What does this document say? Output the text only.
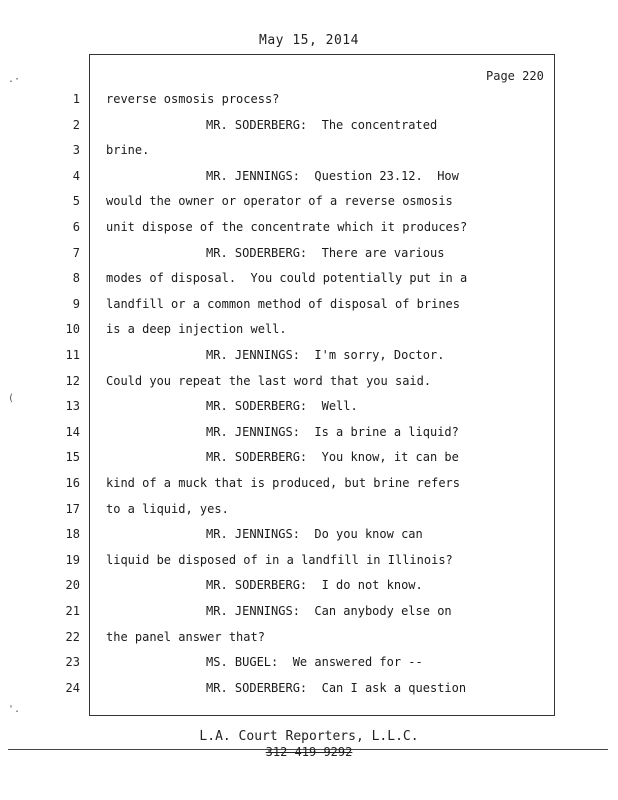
May 15, 2014
Page 220
1 reverse osmosis process?
2	MR. SODERBERG:  The concentrated
3 brine.
4	MR. JENNINGS:  Question 23.12.  How
5 would the owner or operator of a reverse osmosis
6 unit dispose of the concentrate which it produces?
7	MR. SODERBERG:  There are various
8 modes of disposal.  You could potentially put in a
9 landfill or a common method of disposal of brines
10 is a deep injection well.
11	MR. JENNINGS:  I'm sorry, Doctor.
12 Could you repeat the last word that you said.
13	MR. SODERBERG:  Well.
14	MR. JENNINGS:  Is a brine a liquid?
15	MR. SODERBERG:  You know, it can be
16 kind of a muck that is produced, but brine refers
17 to a liquid, yes.
18	MR. JENNINGS:  Do you know can
19 liquid be disposed of in a landfill in Illinois?
20	MR. SODERBERG:  I do not know.
21	MR. JENNINGS:  Can anybody else on
22 the panel answer that?
23	MS. BUGEL:  We answered for --
24	MR. SODERBERG:  Can I ask a question
L.A. Court Reporters, L.L.C.
312-419-9292
.·
(
'.
